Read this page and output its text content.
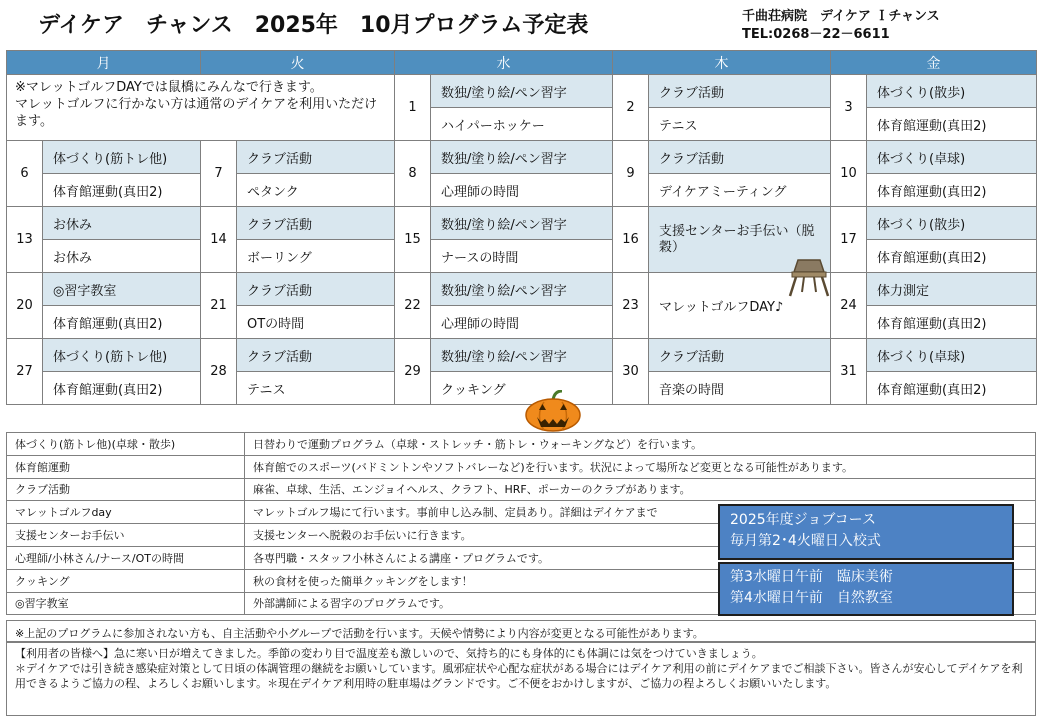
デイケア　チャンス　2025年　10月プログラム予定表	千曲荘病院　デイケア Ｉチャンス
TEL:0268－22－6611
月		火		水		木		金	

※マレットゴルフDAYでは鼠橋にみんなで行きます。
マレットゴルフに行かない方は通常のデイケアを利用いただけます。				1	数独/塗り絵/ペン習字	2	クラブ活動	3	体づくり(散歩)
					ハイパーホッケー		テニス		体育館運動(真田2)
6	体づくり(筋トレ他)	7	クラブ活動	8	数独/塗り絵/ペン習字	9	クラブ活動	10	体づくり(卓球)
	体育館運動(真田2)		ペタンク		心理師の時間		デイケアミーティング		体育館運動(真田2)
13	お休み	14	クラブ活動	15	数独/塗り絵/ペン習字	16	支援センターお手伝い（脱穀）	17	体づくり(散歩)
	お休み		ボーリング		ナースの時間				体育館運動(真田2)
20	◎習字教室	21	クラブ活動	22	数独/塗り絵/ペン習字	23	マレットゴルフDAY♪	24	体力測定
	体育館運動(真田2)		OTの時間		心理師の時間				体育館運動(真田2)
27	体づくり(筋トレ他)	28	クラブ活動	29	数独/塗り絵/ペン習字	30	クラブ活動	31	体づくり(卓球)
	体育館運動(真田2)		テニス		クッキング		音楽の時間		体育館運動(真田2)
体づくり(筋トレ他)(卓球・散歩)	日替わりで運動プログラム（卓球・ストレッチ・筋トレ・ウォーキングなど）を行います。
体育館運動	体育館でのスポーツ(バドミントンやソフトバレーなど)を行います。状況によって場所など変更となる可能性があります。
クラブ活動	麻雀、卓球、生活、エンジョイヘルス、クラフト、HRF、ポーカーのクラブがあります。
マレットゴルフday	マレットゴルフ場にて行います。事前申し込み制、定員あり。詳細はデイケアまで
支援センターお手伝い	支援センターへ脱穀のお手伝いに行きます。
心理師/小林さん/ナース/OTの時間	各専門職・スタッフ小林さんによる講座・プログラムです。
クッキング	秋の食材を使った簡単クッキングをします！
◎習字教室	外部講師による習字のプログラムです。
※上記のプログラムに参加されない方も、自主活動や小グループで活動を行います。天候や情勢により内容が変更となる可能性があります。
【利用者の皆様へ】急に寒い日が増えてきました。季節の変わり目で温度差も激しいので、気持ち的にも身体的にも体調には気をつけていきましょう。
＊デイケアでは引き続き感染症対策として日頃の体調管理の継続をお願いしています。風邪症状や心配な症状がある場合にはデイケア利用の前にデイケアまでご相談下さい。皆さんが安心してデイケアを利用できるようご協力の程、よろしくお願いします。＊現在デイケア利用時の駐車場はグランドです。ご不便をおかけしますが、ご協力の程よろしくお願いいたします。
2025年度ジョブコース
毎月第2･4火曜日入校式
第3水曜日午前　臨床美術
第4水曜日午前　自然教室
